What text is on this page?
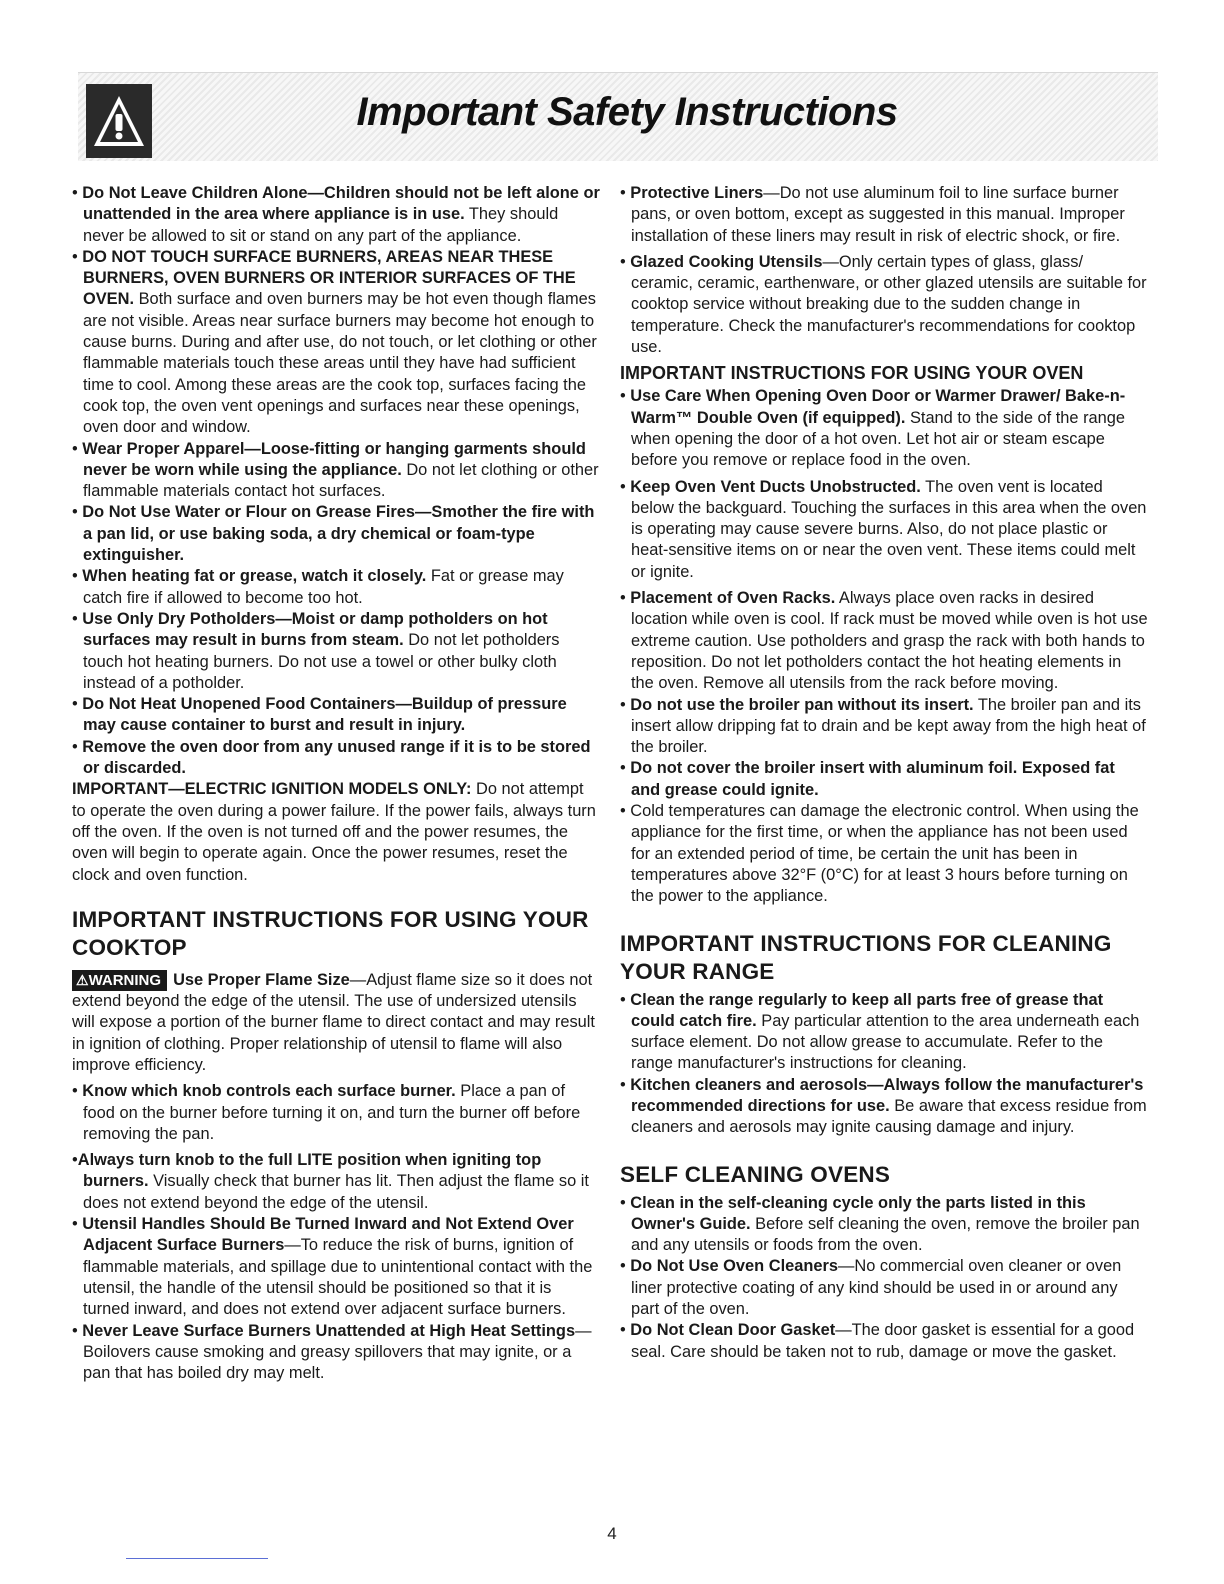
Important Safety Instructions

• Do Not Leave Children Alone—Children should not be left alone or unattended in the area where appliance is in use. They should never be allowed to sit or stand on any part of the appliance.

• DO NOT TOUCH SURFACE BURNERS, AREAS NEAR THESE BURNERS, OVEN BURNERS OR INTERIOR SURFACES OF THE OVEN. Both surface and oven burners may be hot even though flames are not visible. Areas near surface burners may become hot enough to cause burns. During and after use, do not touch, or let clothing or other flammable materials touch these areas until they have had sufficient time to cool. Among these areas are the cook top, surfaces facing the cook top, the oven vent openings and surfaces near these openings, oven door and window.

• Wear Proper Apparel—Loose-fitting or hanging garments should never be worn while using the appliance. Do not let clothing or other flammable materials contact hot surfaces.

• Do Not Use Water or Flour on Grease Fires—Smother the fire with a pan lid, or use baking soda, a dry chemical or foam-type extinguisher.

• When heating fat or grease, watch it closely. Fat or grease may catch fire if allowed to become too hot.

• Use Only Dry Potholders—Moist or damp potholders on hot surfaces may result in burns from steam. Do not let potholders touch hot heating burners. Do not use a towel or other bulky cloth instead of a potholder.

• Do Not Heat Unopened Food Containers—Buildup of pressure may cause container to burst and result in injury.

• Remove the oven door from any unused range if it is to be stored or discarded.

IMPORTANT—ELECTRIC IGNITION MODELS ONLY: Do not attempt to operate the oven during a power failure. If the power fails, always turn off the oven. If the oven is not turned off and the power resumes, the oven will begin to operate again. Once the power resumes, reset the clock and oven function.

IMPORTANT INSTRUCTIONS FOR USING YOUR COOKTOP

⚠WARNING Use Proper Flame Size—Adjust flame size so it does not extend beyond the edge of the utensil. The use of undersized utensils will expose a portion of the burner flame to direct contact and may result in ignition of clothing. Proper relationship of utensil to flame will also improve efficiency.

• Know which knob controls each surface burner. Place a pan of food on the burner before turning it on, and turn the burner off before removing the pan.

•Always turn knob to the full LITE position when igniting top burners. Visually check that burner has lit. Then adjust the flame so it does not extend beyond the edge of the utensil.

• Utensil Handles Should Be Turned Inward and Not Extend Over Adjacent Surface Burners—To reduce the risk of burns, ignition of flammable materials, and spillage due to unintentional contact with the utensil, the handle of the utensil should be positioned so that it is turned inward, and does not extend over adjacent surface burners.

• Never Leave Surface Burners Unattended at High Heat Settings—Boilovers cause smoking and greasy spillovers that may ignite, or a pan that has boiled dry may melt.

• Protective Liners—Do not use aluminum foil to line surface burner pans, or oven bottom, except as suggested in this manual. Improper installation of these liners may result in risk of electric shock, or fire.

• Glazed Cooking Utensils—Only certain types of glass, glass/ ceramic, ceramic, earthenware, or other glazed utensils are suitable for cooktop service without breaking due to the sudden change in temperature. Check the manufacturer's recommendations for cooktop use.

IMPORTANT INSTRUCTIONS FOR USING YOUR OVEN

• Use Care When Opening Oven Door or Warmer Drawer/ Bake-n-Warm™ Double Oven (if equipped). Stand to the side of the range when opening the door of a hot oven. Let hot air or steam escape before you remove or replace food in the oven.

• Keep Oven Vent Ducts Unobstructed. The oven vent is located below the backguard. Touching the surfaces in this area when the oven is operating may cause severe burns. Also, do not place plastic or heat-sensitive items on or near the oven vent. These items could melt or ignite.

• Placement of Oven Racks. Always place oven racks in desired location while oven is cool. If rack must be moved while oven is hot use extreme caution. Use potholders and grasp the rack with both hands to reposition. Do not let potholders contact the hot heating elements in the oven. Remove all utensils from the rack before moving.

• Do not use the broiler pan without its insert. The broiler pan and its insert allow dripping fat to drain and be kept away from the high heat of the broiler.

• Do not cover the broiler insert with aluminum foil. Exposed fat and grease could ignite.

• Cold temperatures can damage the electronic control. When using the appliance for the first time, or when the appliance has not been used for an extended period of time, be certain the unit has been in temperatures above 32°F (0°C) for at least 3 hours before turning on the power to the appliance.

IMPORTANT INSTRUCTIONS FOR CLEANING YOUR RANGE

• Clean the range regularly to keep all parts free of grease that could catch fire. Pay particular attention to the area underneath each surface element. Do not allow grease to accumulate. Refer to the range manufacturer's instructions for cleaning.

• Kitchen cleaners and aerosols—Always follow the manufacturer's recommended directions for use. Be aware that excess residue from cleaners and aerosols may ignite causing damage and injury.

SELF CLEANING OVENS

• Clean in the self-cleaning cycle only the parts listed in this Owner's Guide. Before self cleaning the oven, remove the broiler pan and any utensils or foods from the oven.

• Do Not Use Oven Cleaners—No commercial oven cleaner or oven liner protective coating of any kind should be used in or around any part of the oven.

• Do Not Clean Door Gasket—The door gasket is essential for a good seal. Care should be taken not to rub, damage or move the gasket.

4
